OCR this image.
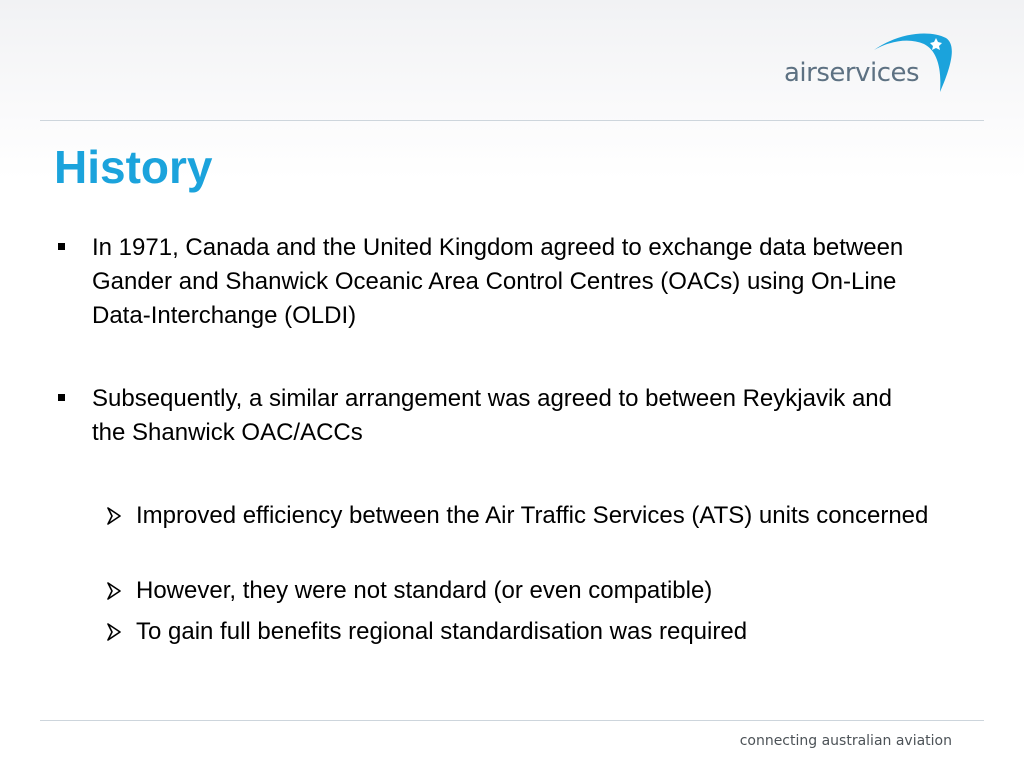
airservices
History
In 1971, Canada and the United Kingdom agreed to exchange data between Gander and Shanwick Oceanic Area Control Centres (OACs) using On-Line Data-Interchange (OLDI)
Subsequently, a similar arrangement was agreed to between Reykjavik and the Shanwick OAC/ACCs
Improved efficiency between the Air Traffic Services (ATS) units concerned
However, they were not standard (or even compatible)
To gain full benefits regional standardisation was required
connecting australian aviation
